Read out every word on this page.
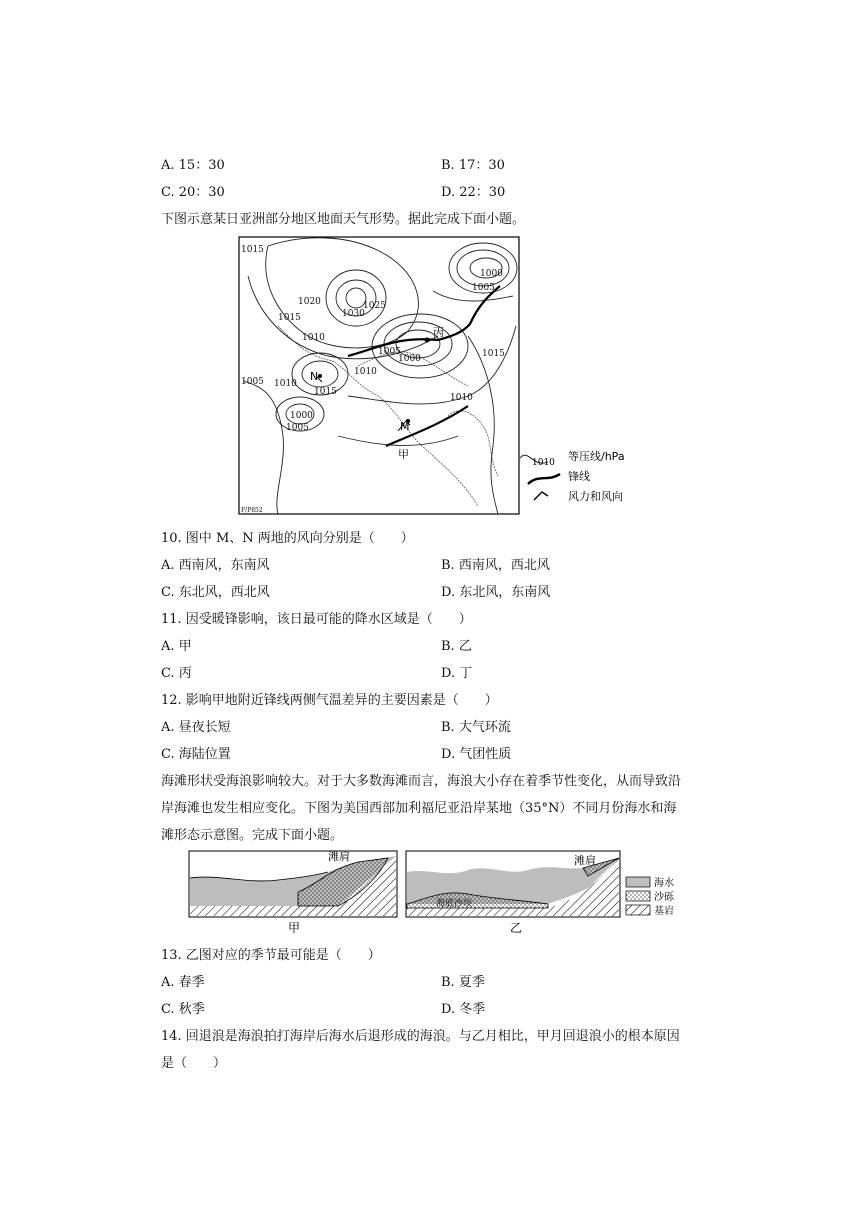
A. 15：30	B. 17：30
C. 20：30	D. 22：30
下图示意某日亚洲部分地区地面天气形势。据此完成下面小题。
1015
1020	1025
1030
1015
1010
1000
1005
1010
1015
1005 1010
1015
1000
1005
1010
1000
1005
F/P852
丙
N
M
甲
1010 等压线/hPa
锋线
风力和风向
10. 图中 M、N 两地的风向分别是（　　）
A. 西南风，东南风	B. 西南风，西北风
C. 东北风，西北风	D. 东北风，东南风
11. 因受暖锋影响，该日最可能的降水区域是（　　）
A. 甲	B. 乙
C. 丙	D. 丁
12. 影响甲地附近锋线两侧气温差异的主要因素是（　　）
A. 昼夜长短	B. 大气环流
C. 海陆位置	D. 气团性质
海滩形状受海浪影响较大。对于大多数海滩而言，海浪大小存在着季节性变化，从而导致沿
岸海滩也发生相应变化。下图为美国西部加利福尼亚沿岸某地（35°N）不同月份海水和海
滩形态示意图。完成下面小题。
滩肩	滩肩
海底沙坝
海水
沙砾
基岩
甲	乙
13. 乙图对应的季节最可能是（　　）
A. 春季	B. 夏季
C. 秋季	D. 冬季
14. 回退浪是海浪拍打海岸后海水后退形成的海浪。与乙月相比，甲月回退浪小的根本原因
是（　　）
